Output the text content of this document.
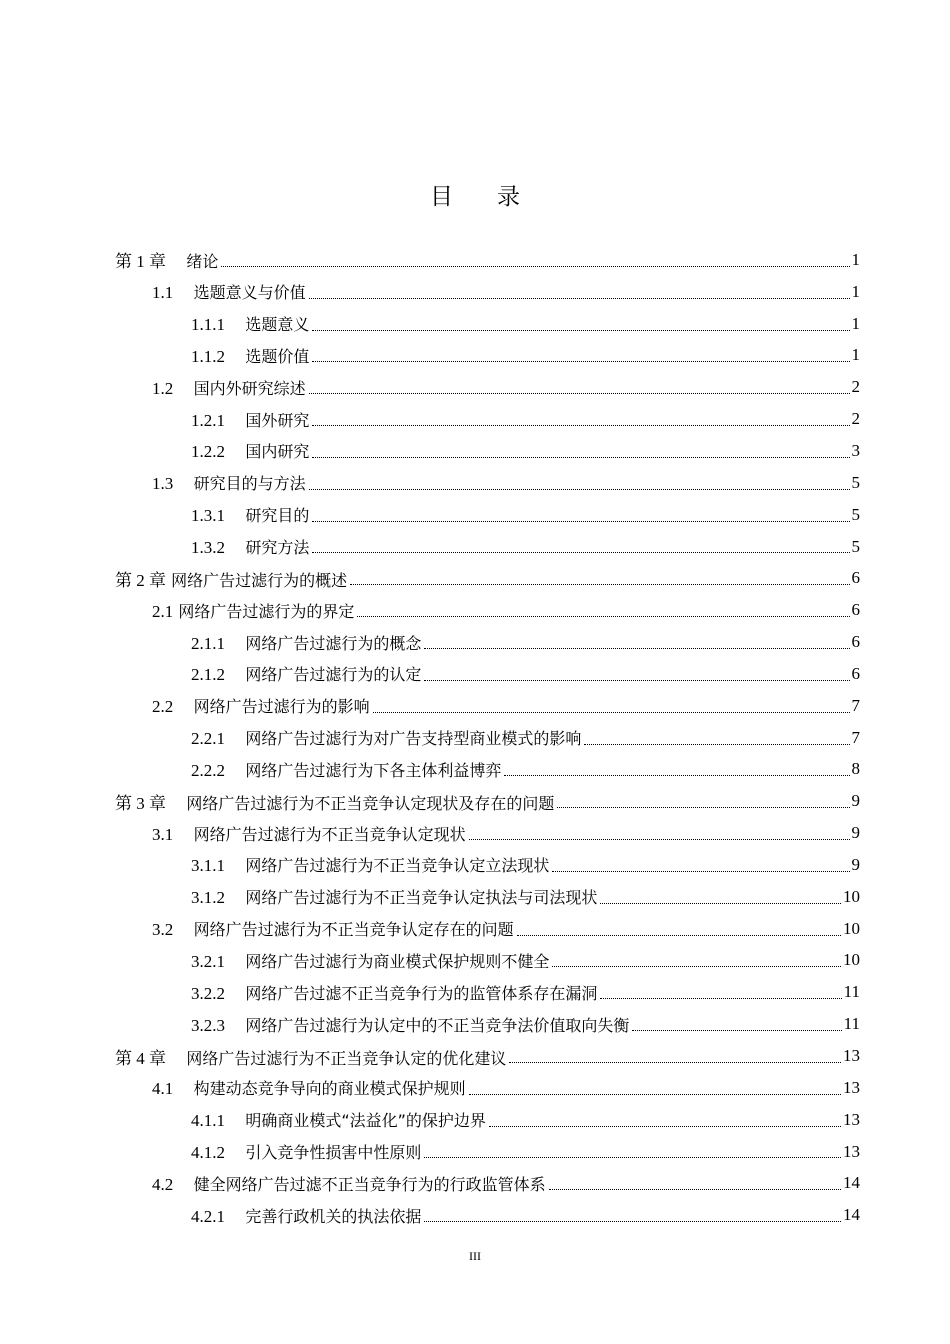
目录
第 1 章 绪论	1
1.1 选题意义与价值	1
1.1.1 选题意义	1
1.1.2 选题价值	1
1.2 国内外研究综述	2
1.2.1 国外研究	2
1.2.2 国内研究	3
1.3 研究目的与方法	5
1.3.1 研究目的	5
1.3.2 研究方法	5
第 2 章 网络广告过滤行为的概述	6
2.1 网络广告过滤行为的界定	6
2.1.1 网络广告过滤行为的概念	6
2.1.2 网络广告过滤行为的认定	6
2.2 网络广告过滤行为的影响	7
2.2.1 网络广告过滤行为对广告支持型商业模式的影响	7
2.2.2 网络广告过滤行为下各主体利益博弈	8
第 3 章 网络广告过滤行为不正当竞争认定现状及存在的问题	9
3.1 网络广告过滤行为不正当竞争认定现状	9
3.1.1 网络广告过滤行为不正当竞争认定立法现状	9
3.1.2 网络广告过滤行为不正当竞争认定执法与司法现状	10
3.2 网络广告过滤行为不正当竞争认定存在的问题	10
3.2.1 网络广告过滤行为商业模式保护规则不健全	10
3.2.2 网络广告过滤不正当竞争行为的监管体系存在漏洞	11
3.2.3 网络广告过滤行为认定中的不正当竞争法价值取向失衡	11
第 4 章 网络广告过滤行为不正当竞争认定的优化建议	13
4.1 构建动态竞争导向的商业模式保护规则	13
4.1.1 明确商业模式“法益化”的保护边界	13
4.1.2 引入竞争性损害中性原则	13
4.2 健全网络广告过滤不正当竞争行为的行政监管体系	14
4.2.1 完善行政机关的执法依据	14
III
